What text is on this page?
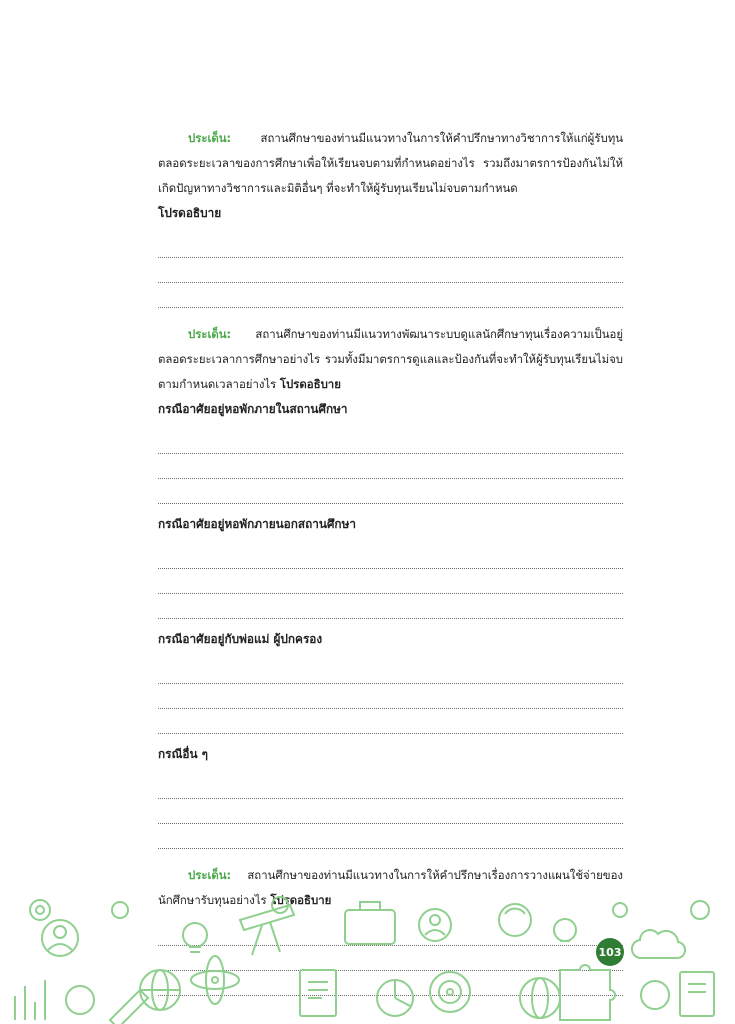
ประเด็น:	สถานศึกษาของท่านมีแนวทางในการให้คำปรึกษาทางวิชาการให้แก่ผู้รับทุนตลอดระยะเวลาของการศึกษาเพื่อให้เรียนจบตามที่กำหนดอย่างไร รวมถึงมาตรการป้องกันไม่ให้เกิดปัญหาทางวิชาการและมิติอื่นๆ ที่จะทำให้ผู้รับทุนเรียนไม่จบตามกำหนด

โปรดอธิบาย

ประเด็น: สถานศึกษาของท่านมีแนวทางพัฒนาระบบดูแลนักศึกษาทุนเรื่องความเป็นอยู่ตลอดระยะเวลาการศึกษาอย่างไร รวมทั้งมีมาตรการดูแลและป้องกันที่จะทำให้ผู้รับทุนเรียนไม่จบตามกำหนดเวลาอย่างไร โปรดอธิบาย

กรณีอาศัยอยู่หอพักภายในสถานศึกษา

กรณีอาศัยอยู่หอพักภายนอกสถานศึกษา

กรณีอาศัยอยู่กับพ่อแม่ ผู้ปกครอง

กรณีอื่น ๆ

ประเด็น: สถานศึกษาของท่านมีแนวทางในการให้คำปรึกษาเรื่องการวางแผนใช้จ่ายของนักศึกษารับทุนอย่างไร โปรดอธิบาย

103
